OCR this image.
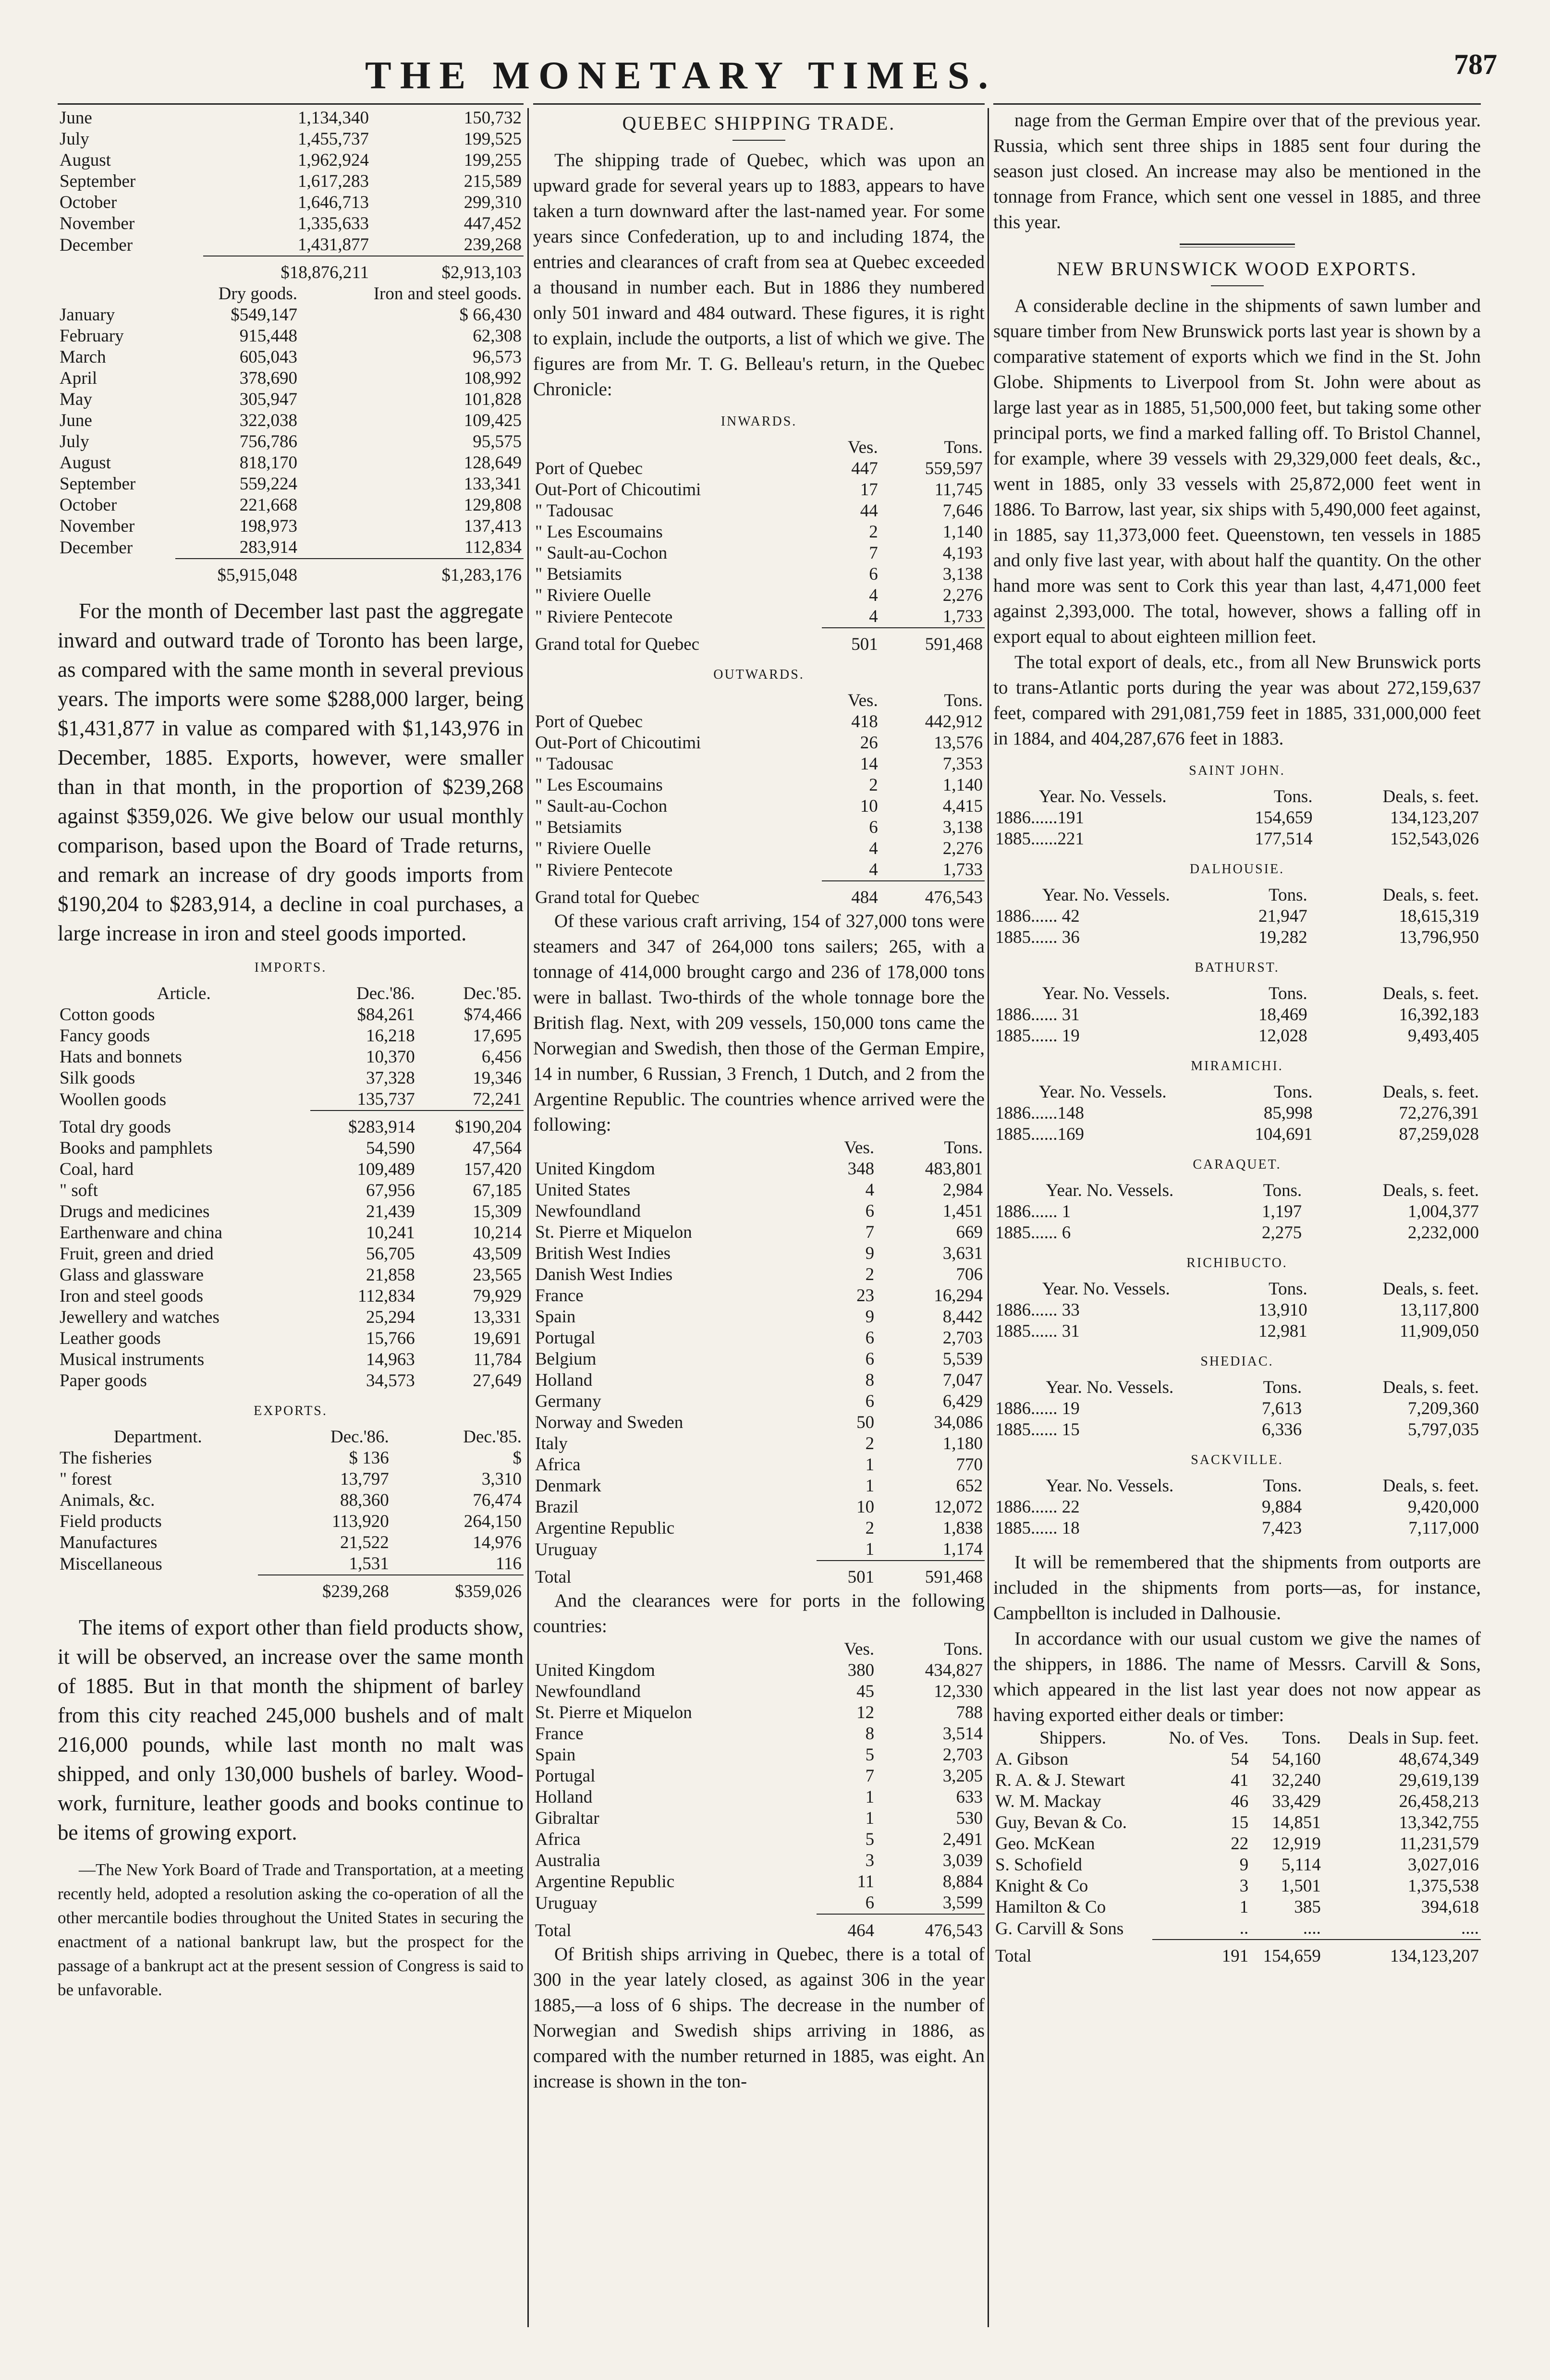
THE MONETARY TIMES.	787
June	1,134,340	150,732
July	1,455,737	199,525
August	1,962,924	199,255
September	1,617,283	215,589
October	1,646,713	299,310
November	1,335,633	447,452
December	1,431,877	239,268
	$18,876,211	$2,913,103
	Dry goods.	Iron and steel goods.
January	$549,147	$ 66,430
February	915,448	62,308
March	605,043	96,573
April	378,690	108,992
May	305,947	101,828
June	322,038	109,425
July	756,786	95,575
August	818,170	128,649
September	559,224	133,341
October	221,668	129,808
November	198,973	137,413
December	283,914	112,834
	$5,915,048	$1,283,176

For the month of December last past the aggregate inward and outward trade of Toronto has been large, as compared with the same month in several previous years. The imports were some $288,000 larger, being $1,431,877 in value as compared with $1,143,976 in December, 1885. Exports, however, were smaller than in that month, in the proportion of $239,268 against $359,026. We give below our usual monthly comparison, based upon the Board of Trade returns, and remark an increase of dry goods imports from $190,204 to $283,914, a decline in coal purchases, a large increase in iron and steel goods imported.

IMPORTS.
Article.	Dec.'86.	Dec.'85.
Cotton goods	$84,261	$74,466
Fancy goods	16,218	17,695
Hats and bonnets	10,370	6,456
Silk goods	37,328	19,346
Woollen goods	135,737	72,241
Total dry goods	$283,914	$190,204
Books and pamphlets	54,590	47,564
Coal, hard	109,489	157,420
" soft	67,956	67,185
Drugs and medicines	21,439	15,309
Earthenware and china	10,241	10,214
Fruit, green and dried	56,705	43,509
Glass and glassware	21,858	23,565
Iron and steel goods	112,834	79,929
Jewellery and watches	25,294	13,331
Leather goods	15,766	19,691
Musical instruments	14,963	11,784
Paper goods	34,573	27,649
EXPORTS.
Department.	Dec.'86.	Dec.'85.
The fisheries	$ 136	$
" forest	13,797	3,310
Animals, &c.	88,360	76,474
Field products	113,920	264,150
Manufactures	21,522	14,976
Miscellaneous	1,531	116
	$239,268	$359,026

The items of export other than field products show, it will be observed, an increase over the same month of 1885. But in that month the shipment of barley from this city reached 245,000 bushels and of malt 216,000 pounds, while last month no malt was shipped, and only 130,000 bushels of barley. Wood-work, furniture, leather goods and books continue to be items of growing export.

—The New York Board of Trade and Transportation, at a meeting recently held, adopted a resolution asking the co-operation of all the other mercantile bodies throughout the United States in securing the enactment of a national bankrupt law, but the prospect for the passage of a bankrupt act at the present session of Congress is said to be unfavorable.

QUEBEC SHIPPING TRADE.

The shipping trade of Quebec, which was upon an upward grade for several years up to 1883, appears to have taken a turn downward after the last-named year. For some years since Confederation, up to and including 1874, the entries and clearances of craft from sea at Quebec exceeded a thousand in number each. But in 1886 they numbered only 501 inward and 484 outward. These figures, it is right to explain, include the outports, a list of which we give. The figures are from Mr. T. G. Belleau's return, in the Quebec Chronicle:

INWARDS.
	Ves.	Tons.
Port of Quebec	447	559,597
Out-Port of Chicoutimi	17	11,745
" Tadousac	44	7,646
" Les Escoumains	2	1,140
" Sault-au-Cochon	7	4,193
" Betsiamits	6	3,138
" Riviere Ouelle	4	2,276
" Riviere Pentecote	4	1,733
Grand total for Quebec	501	591,468
OUTWARDS.
	Ves.	Tons.
Port of Quebec	418	442,912
Out-Port of Chicoutimi	26	13,576
" Tadousac	14	7,353
" Les Escoumains	2	1,140
" Sault-au-Cochon	10	4,415
" Betsiamits	6	3,138
" Riviere Ouelle	4	2,276
" Riviere Pentecote	4	1,733
Grand total for Quebec	484	476,543

Of these various craft arriving, 154 of 327,000 tons were steamers and 347 of 264,000 tons sailers; 265, with a tonnage of 414,000 brought cargo and 236 of 178,000 tons were in ballast. Two-thirds of the whole tonnage bore the British flag. Next, with 209 vessels, 150,000 tons came the Norwegian and Swedish, then those of the German Empire, 14 in number, 6 Russian, 3 French, 1 Dutch, and 2 from the Argentine Republic. The countries whence arrived were the following:

	Ves.	Tons.
United Kingdom	348	483,801
United States	4	2,984
Newfoundland	6	1,451
St. Pierre et Miquelon	7	669
British West Indies	9	3,631
Danish West Indies	2	706
France	23	16,294
Spain	9	8,442
Portugal	6	2,703
Belgium	6	5,539
Holland	8	7,047
Germany	6	6,429
Norway and Sweden	50	34,086
Italy	2	1,180
Africa	1	770
Denmark	1	652
Brazil	10	12,072
Argentine Republic	2	1,838
Uruguay	1	1,174
Total	501	591,468

And the clearances were for ports in the following countries:

	Ves.	Tons.
United Kingdom	380	434,827
Newfoundland	45	12,330
St. Pierre et Miquelon	12	788
France	8	3,514
Spain	5	2,703
Portugal	7	3,205
Holland	1	633
Gibraltar	1	530
Africa	5	2,491
Australia	3	3,039
Argentine Republic	11	8,884
Uruguay	6	3,599
Total	464	476,543

Of British ships arriving in Quebec, there is a total of 300 in the year lately closed, as against 306 in the year 1885,—a loss of 6 ships. The decrease in the number of Norwegian and Swedish ships arriving in 1886, as compared with the number returned in 1885, was eight. An increase is shown in the ton-

nage from the German Empire over that of the previous year. Russia, which sent three ships in 1885 sent four during the season just closed. An increase may also be mentioned in the tonnage from France, which sent one vessel in 1885, and three this year.

NEW BRUNSWICK WOOD EXPORTS.

A considerable decline in the shipments of sawn lumber and square timber from New Brunswick ports last year is shown by a comparative statement of exports which we find in the St. John Globe. Shipments to Liverpool from St. John were about as large last year as in 1885, 51,500,000 feet, but taking some other principal ports, we find a marked falling off. To Bristol Channel, for example, where 39 vessels with 29,329,000 feet deals, &c., went in 1885, only 33 vessels with 25,872,000 feet went in 1886. To Barrow, last year, six ships with 5,490,000 feet against, in 1885, say 11,373,000 feet. Queenstown, ten vessels in 1885 and only five last year, with about half the quantity. On the other hand more was sent to Cork this year than last, 4,471,000 feet against 2,393,000. The total, however, shows a falling off in export equal to about eighteen million feet.

The total export of deals, etc., from all New Brunswick ports to trans-Atlantic ports during the year was about 272,159,637 feet, compared with 291,081,759 feet in 1885, 331,000,000 feet in 1884, and 404,287,676 feet in 1883.

SAINT JOHN.
Year. No. Vessels.	Tons.	Deals, s. feet.
1886......191	154,659	134,123,207
1885......221	177,514	152,543,026
DALHOUSIE.
Year. No. Vessels.	Tons.	Deals, s. feet.
1886...... 42	21,947	18,615,319
1885...... 36	19,282	13,796,950
BATHURST.
Year. No. Vessels.	Tons.	Deals, s. feet.
1886...... 31	18,469	16,392,183
1885...... 19	12,028	9,493,405
MIRAMICHI.
Year. No. Vessels.	Tons.	Deals, s. feet.
1886......148	85,998	72,276,391
1885......169	104,691	87,259,028
CARAQUET.
Year. No. Vessels.	Tons.	Deals, s. feet.
1886...... 1	1,197	1,004,377
1885...... 6	2,275	2,232,000
RICHIBUCTO.
Year. No. Vessels.	Tons.	Deals, s. feet.
1886...... 33	13,910	13,117,800
1885...... 31	12,981	11,909,050
SHEDIAC.
Year. No. Vessels.	Tons.	Deals, s. feet.
1886...... 19	7,613	7,209,360
1885...... 15	6,336	5,797,035
SACKVILLE.
Year. No. Vessels.	Tons.	Deals, s. feet.
1886...... 22	9,884	9,420,000
1885...... 18	7,423	7,117,000

It will be remembered that the shipments from outports are included in the shipments from ports—as, for instance, Campbellton is included in Dalhousie.

In accordance with our usual custom we give the names of the shippers, in 1886. The name of Messrs. Carvill & Sons, which appeared in the list last year does not now appear as having exported either deals or timber:

Shippers.	No. of Ves.	Tons.	Deals in Sup. feet.
A. Gibson	54	54,160	48,674,349
R. A. & J. Stewart	41	32,240	29,619,139
W. M. Mackay	46	33,429	26,458,213
Guy, Bevan & Co.	15	14,851	13,342,755
Geo. McKean	22	12,919	11,231,579
S. Schofield	9	5,114	3,027,016
Knight & Co	3	1,501	1,375,538
Hamilton & Co	1	385	394,618
G. Carvill & Sons	..	....	....
Total	191	154,659	134,123,207
